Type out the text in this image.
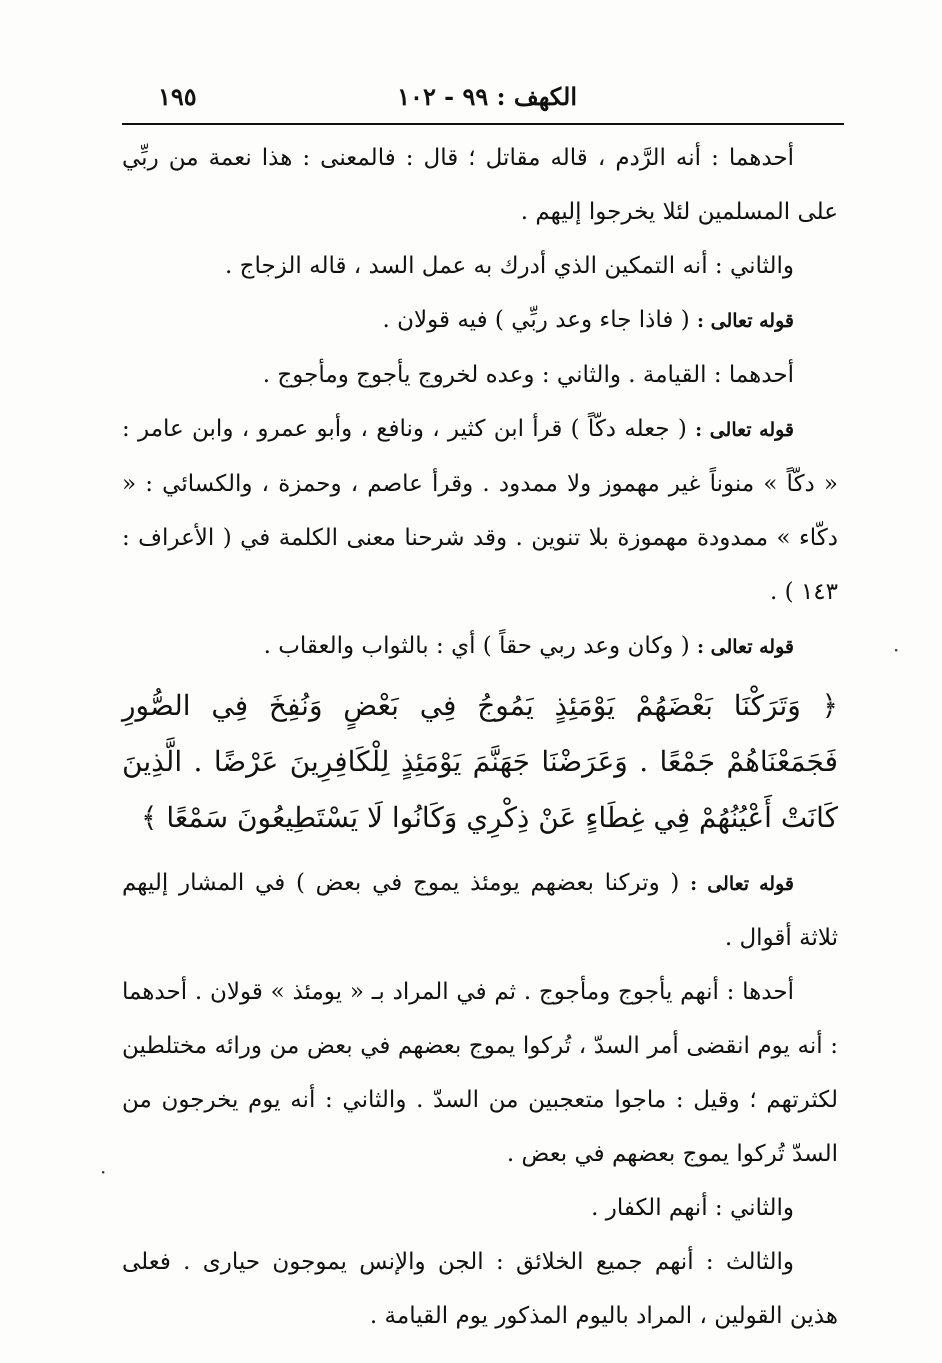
١٩٥	الكهف : ٩٩ - ١٠٢

أحدهما : أنه الرَّدم ، قاله مقاتل ؛ قال : فالمعنى : هذا نعمة من ربِّي على المسلمين لئلا يخرجوا إليهم .

والثاني : أنه التمكين الذي أدرك به عمل السد ، قاله الزجاج .

قوله تعالى : ( فاذا جاء وعد ربِّي ) فيه قولان .

أحدهما : القيامة . والثاني : وعده لخروج يأجوج ومأجوج .

قوله تعالى : ( جعله دكّاً ) قرأ ابن كثير ، ونافع ، وأبو عمرو ، وابن عامر : « دكّاً » منوناً غير مهموز ولا ممدود . وقرأ عاصم ، وحمزة ، والكسائي : « دكّاء » ممدودة مهموزة بلا تنوين . وقد شرحنا معنى الكلمة في ( الأعراف : ١٤٣ ) .

قوله تعالى : ( وكان وعد ربي حقاً ) أي : بالثواب والعقاب .

﴿ وَتَرَكْنَا بَعْضَهُمْ يَوْمَئِذٍ يَمُوجُ فِي بَعْضٍ وَنُفِخَ فِي الصُّورِ فَجَمَعْنَاهُمْ جَمْعًا . وَعَرَضْنَا جَهَنَّمَ يَوْمَئِذٍ لِلْكَافِرِينَ عَرْضًا . الَّذِينَ كَانَتْ أَعْيُنُهُمْ فِي غِطَاءٍ عَنْ ذِكْرِي وَكَانُوا لَا يَسْتَطِيعُونَ سَمْعًا ﴾

قوله تعالى : ( وتركنا بعضهم يومئذ يموج في بعض ) في المشار إليهم ثلاثة أقوال .

أحدها : أنهم يأجوج ومأجوج . ثم في المراد بـ « يومئذ » قولان . أحدهما : أنه يوم انقضى أمر السدّ ، تُركوا يموج بعضهم في بعض من ورائه مختلطين لكثرتهم ؛ وقيل : ماجوا متعجبين من السدّ . والثاني : أنه يوم يخرجون من السدّ تُركوا يموج بعضهم في بعض .

والثاني : أنهم الكفار .

والثالث : أنهم جميع الخلائق : الجن والإنس يموجون حيارى . فعلى هذين القولين ، المراد باليوم المذكور يوم القيامة .

·
·
